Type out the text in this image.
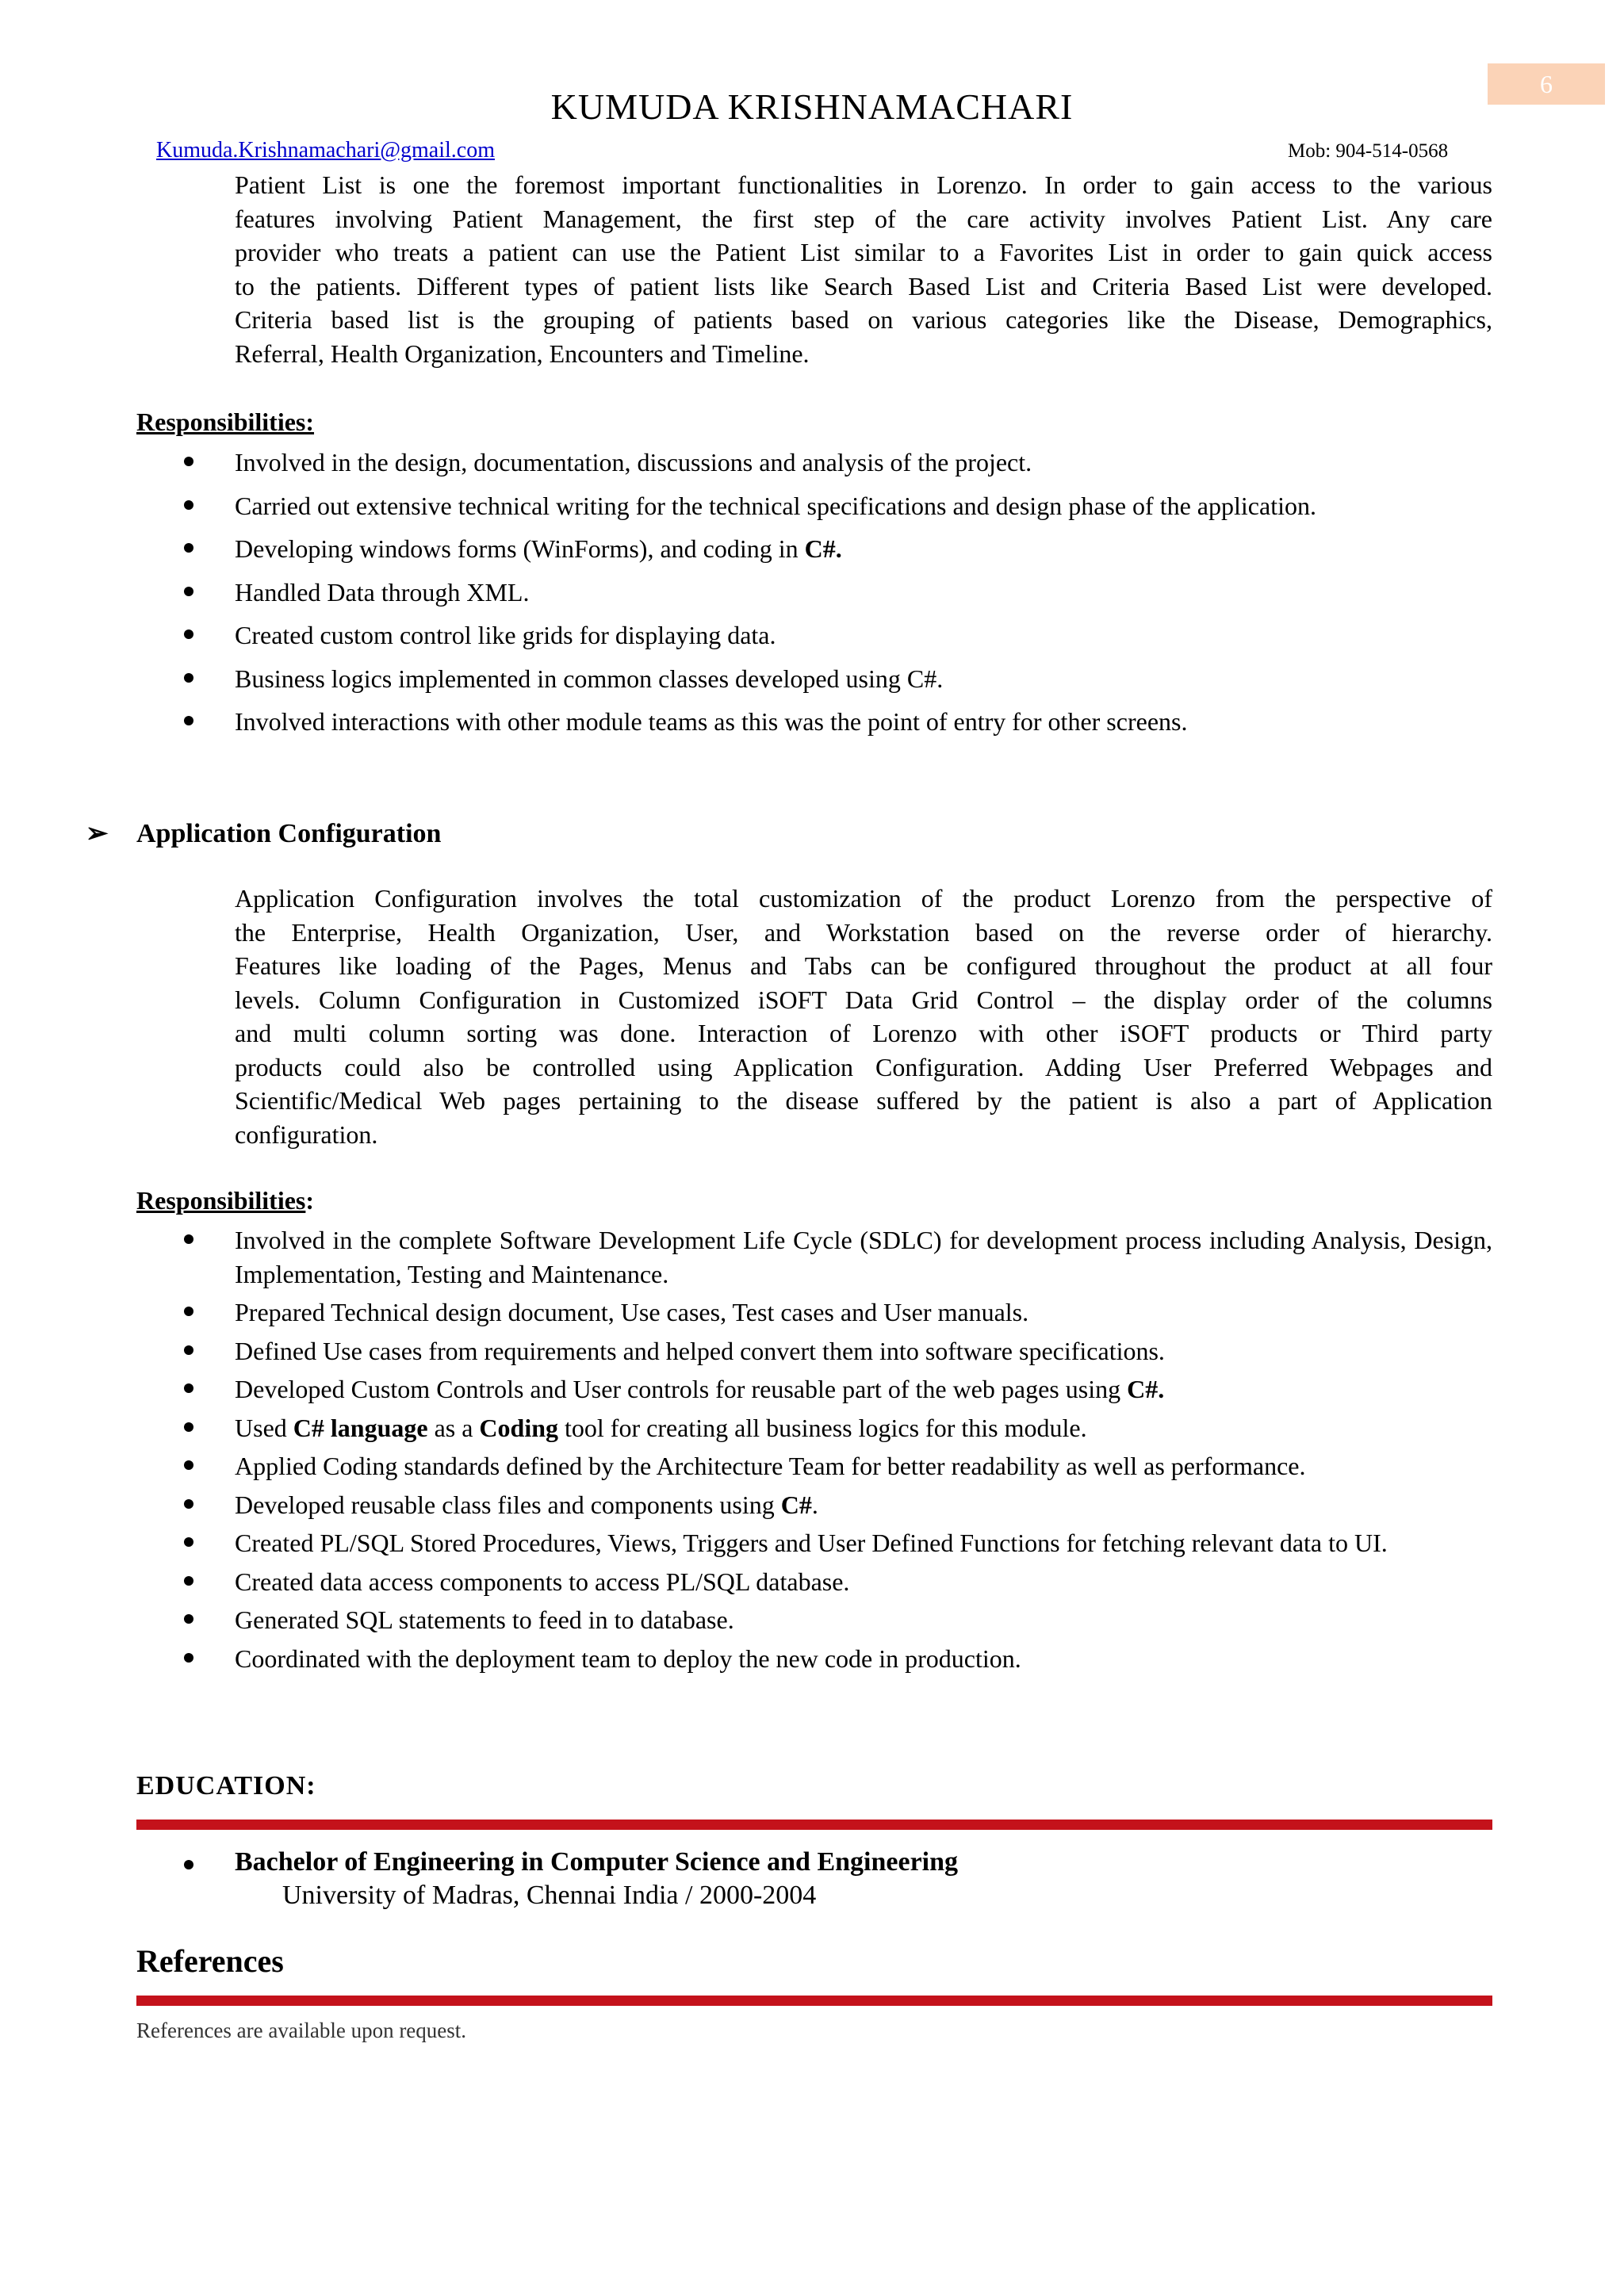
6
KUMUDA KRISHNAMACHARI
Kumuda.Krishnamachari@gmail.com	Mob: 904-514-0568
Patient List is one the foremost important functionalities in Lorenzo. In order to gain access to the various
features involving Patient Management, the first step of the care activity involves Patient List. Any care
provider who treats a patient can use the Patient List similar to a Favorites List in order to gain quick access
to the patients. Different types of patient lists like Search Based List and Criteria Based List were developed.
Criteria based list is the grouping of patients based on various categories like the Disease, Demographics,
Referral, Health Organization, Encounters and Timeline.
Responsibilities:
Involved in the design, documentation, discussions and analysis of the project.
Carried out extensive technical writing for the technical specifications and design phase of the application.
Developing windows forms (WinForms), and coding in C#.
Handled Data through XML.
Created custom control like grids for displaying data.
Business logics implemented in common classes developed using C#.
Involved interactions with other module teams as this was the point of entry for other screens.
➢ Application Configuration
Application Configuration involves the total customization of the product Lorenzo from the perspective of
the Enterprise, Health Organization, User, and Workstation based on the reverse order of hierarchy.
Features like loading of the Pages, Menus and Tabs can be configured throughout the product at all four
levels. Column Configuration in Customized iSOFT Data Grid Control – the display order of the columns
and multi column sorting was done. Interaction of Lorenzo with other iSOFT products or Third party
products could also be controlled using Application Configuration. Adding User Preferred Webpages and
Scientific/Medical Web pages pertaining to the disease suffered by the patient is also a part of Application
configuration.
Responsibilities:
Involved in the complete Software Development Life Cycle (SDLC) for development process including Analysis, Design, Implementation, Testing and Maintenance.
Prepared Technical design document, Use cases, Test cases and User manuals.
Defined Use cases from requirements and helped convert them into software specifications.
Developed Custom Controls and User controls for reusable part of the web pages using C#.
Used C# language as a Coding tool for creating all business logics for this module.
Applied Coding standards defined by the Architecture Team for better readability as well as performance.
Developed reusable class files and components using C#.
Created PL/SQL Stored Procedures, Views, Triggers and User Defined Functions for fetching relevant data to UI.
Created data access components to access PL/SQL database.
Generated SQL statements to feed in to database.
Coordinated with the deployment team to deploy the new code in production.
EDUCATION:
Bachelor of Engineering in Computer Science and Engineering
University of Madras, Chennai India / 2000-2004
References
References are available upon request.
